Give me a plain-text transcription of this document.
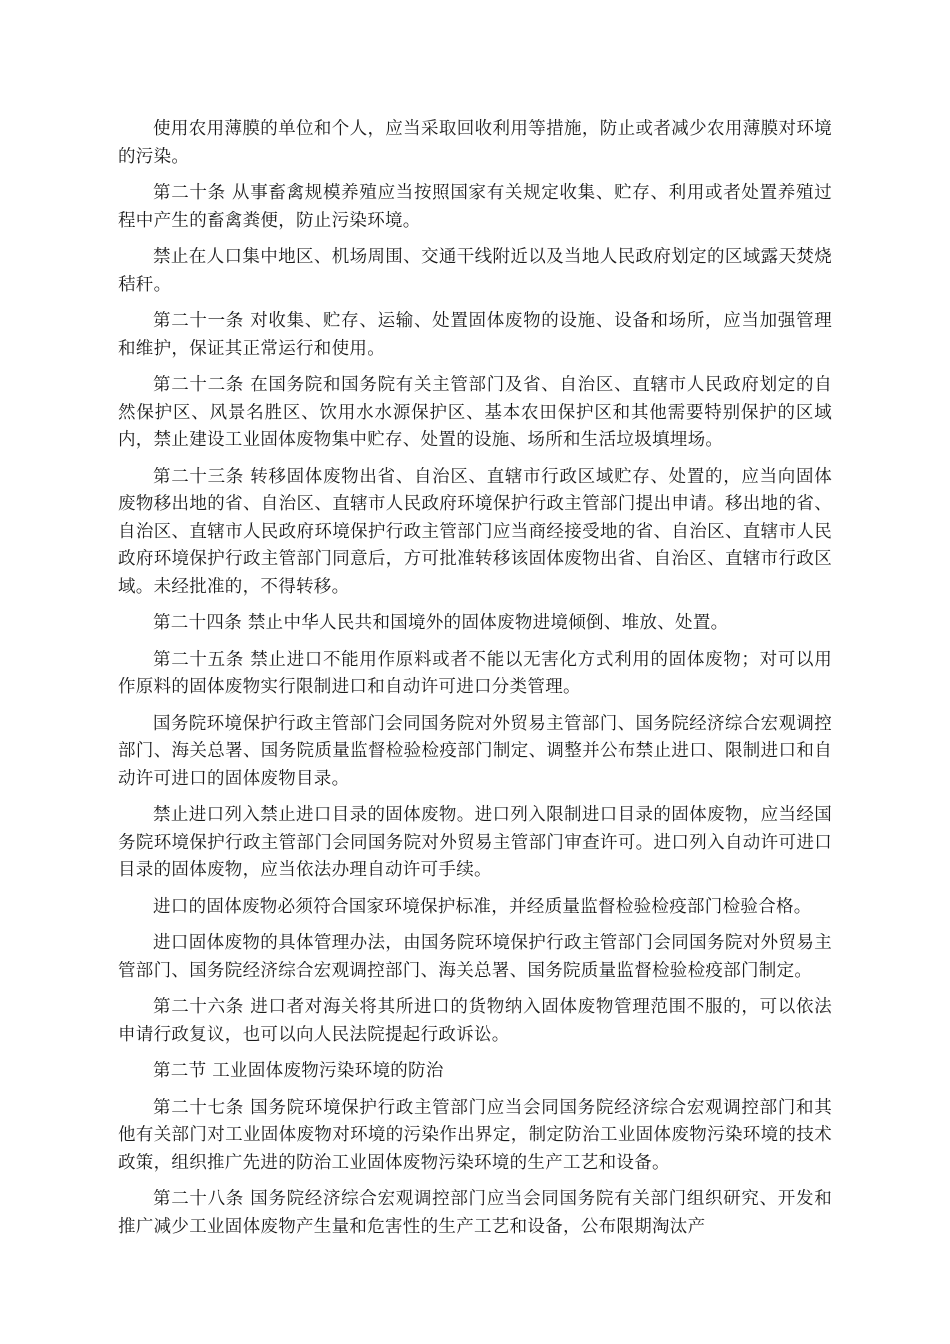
使用农用薄膜的单位和个人，应当采取回收利用等措施，防止或者减少农用薄膜对环境的污染。

第二十条 从事畜禽规模养殖应当按照国家有关规定收集、贮存、利用或者处置养殖过程中产生的畜禽粪便，防止污染环境。

禁止在人口集中地区、机场周围、交通干线附近以及当地人民政府划定的区域露天焚烧秸秆。

第二十一条 对收集、贮存、运输、处置固体废物的设施、设备和场所，应当加强管理和维护，保证其正常运行和使用。

第二十二条 在国务院和国务院有关主管部门及省、自治区、直辖市人民政府划定的自然保护区、风景名胜区、饮用水水源保护区、基本农田保护区和其他需要特别保护的区域内，禁止建设工业固体废物集中贮存、处置的设施、场所和生活垃圾填埋场。

第二十三条 转移固体废物出省、自治区、直辖市行政区域贮存、处置的，应当向固体废物移出地的省、自治区、直辖市人民政府环境保护行政主管部门提出申请。移出地的省、自治区、直辖市人民政府环境保护行政主管部门应当商经接受地的省、自治区、直辖市人民政府环境保护行政主管部门同意后，方可批准转移该固体废物出省、自治区、直辖市行政区域。未经批准的，不得转移。

第二十四条 禁止中华人民共和国境外的固体废物进境倾倒、堆放、处置。

第二十五条 禁止进口不能用作原料或者不能以无害化方式利用的固体废物；对可以用作原料的固体废物实行限制进口和自动许可进口分类管理。

国务院环境保护行政主管部门会同国务院对外贸易主管部门、国务院经济综合宏观调控部门、海关总署、国务院质量监督检验检疫部门制定、调整并公布禁止进口、限制进口和自动许可进口的固体废物目录。

禁止进口列入禁止进口目录的固体废物。进口列入限制进口目录的固体废物，应当经国务院环境保护行政主管部门会同国务院对外贸易主管部门审查许可。进口列入自动许可进口目录的固体废物，应当依法办理自动许可手续。

进口的固体废物必须符合国家环境保护标准，并经质量监督检验检疫部门检验合格。

进口固体废物的具体管理办法，由国务院环境保护行政主管部门会同国务院对外贸易主管部门、国务院经济综合宏观调控部门、海关总署、国务院质量监督检验检疫部门制定。

第二十六条 进口者对海关将其所进口的货物纳入固体废物管理范围不服的，可以依法申请行政复议，也可以向人民法院提起行政诉讼。

第二节 工业固体废物污染环境的防治

第二十七条 国务院环境保护行政主管部门应当会同国务院经济综合宏观调控部门和其他有关部门对工业固体废物对环境的污染作出界定，制定防治工业固体废物污染环境的技术政策，组织推广先进的防治工业固体废物污染环境的生产工艺和设备。

第二十八条 国务院经济综合宏观调控部门应当会同国务院有关部门组织研究、开发和推广减少工业固体废物产生量和危害性的生产工艺和设备，公布限期淘汰产
